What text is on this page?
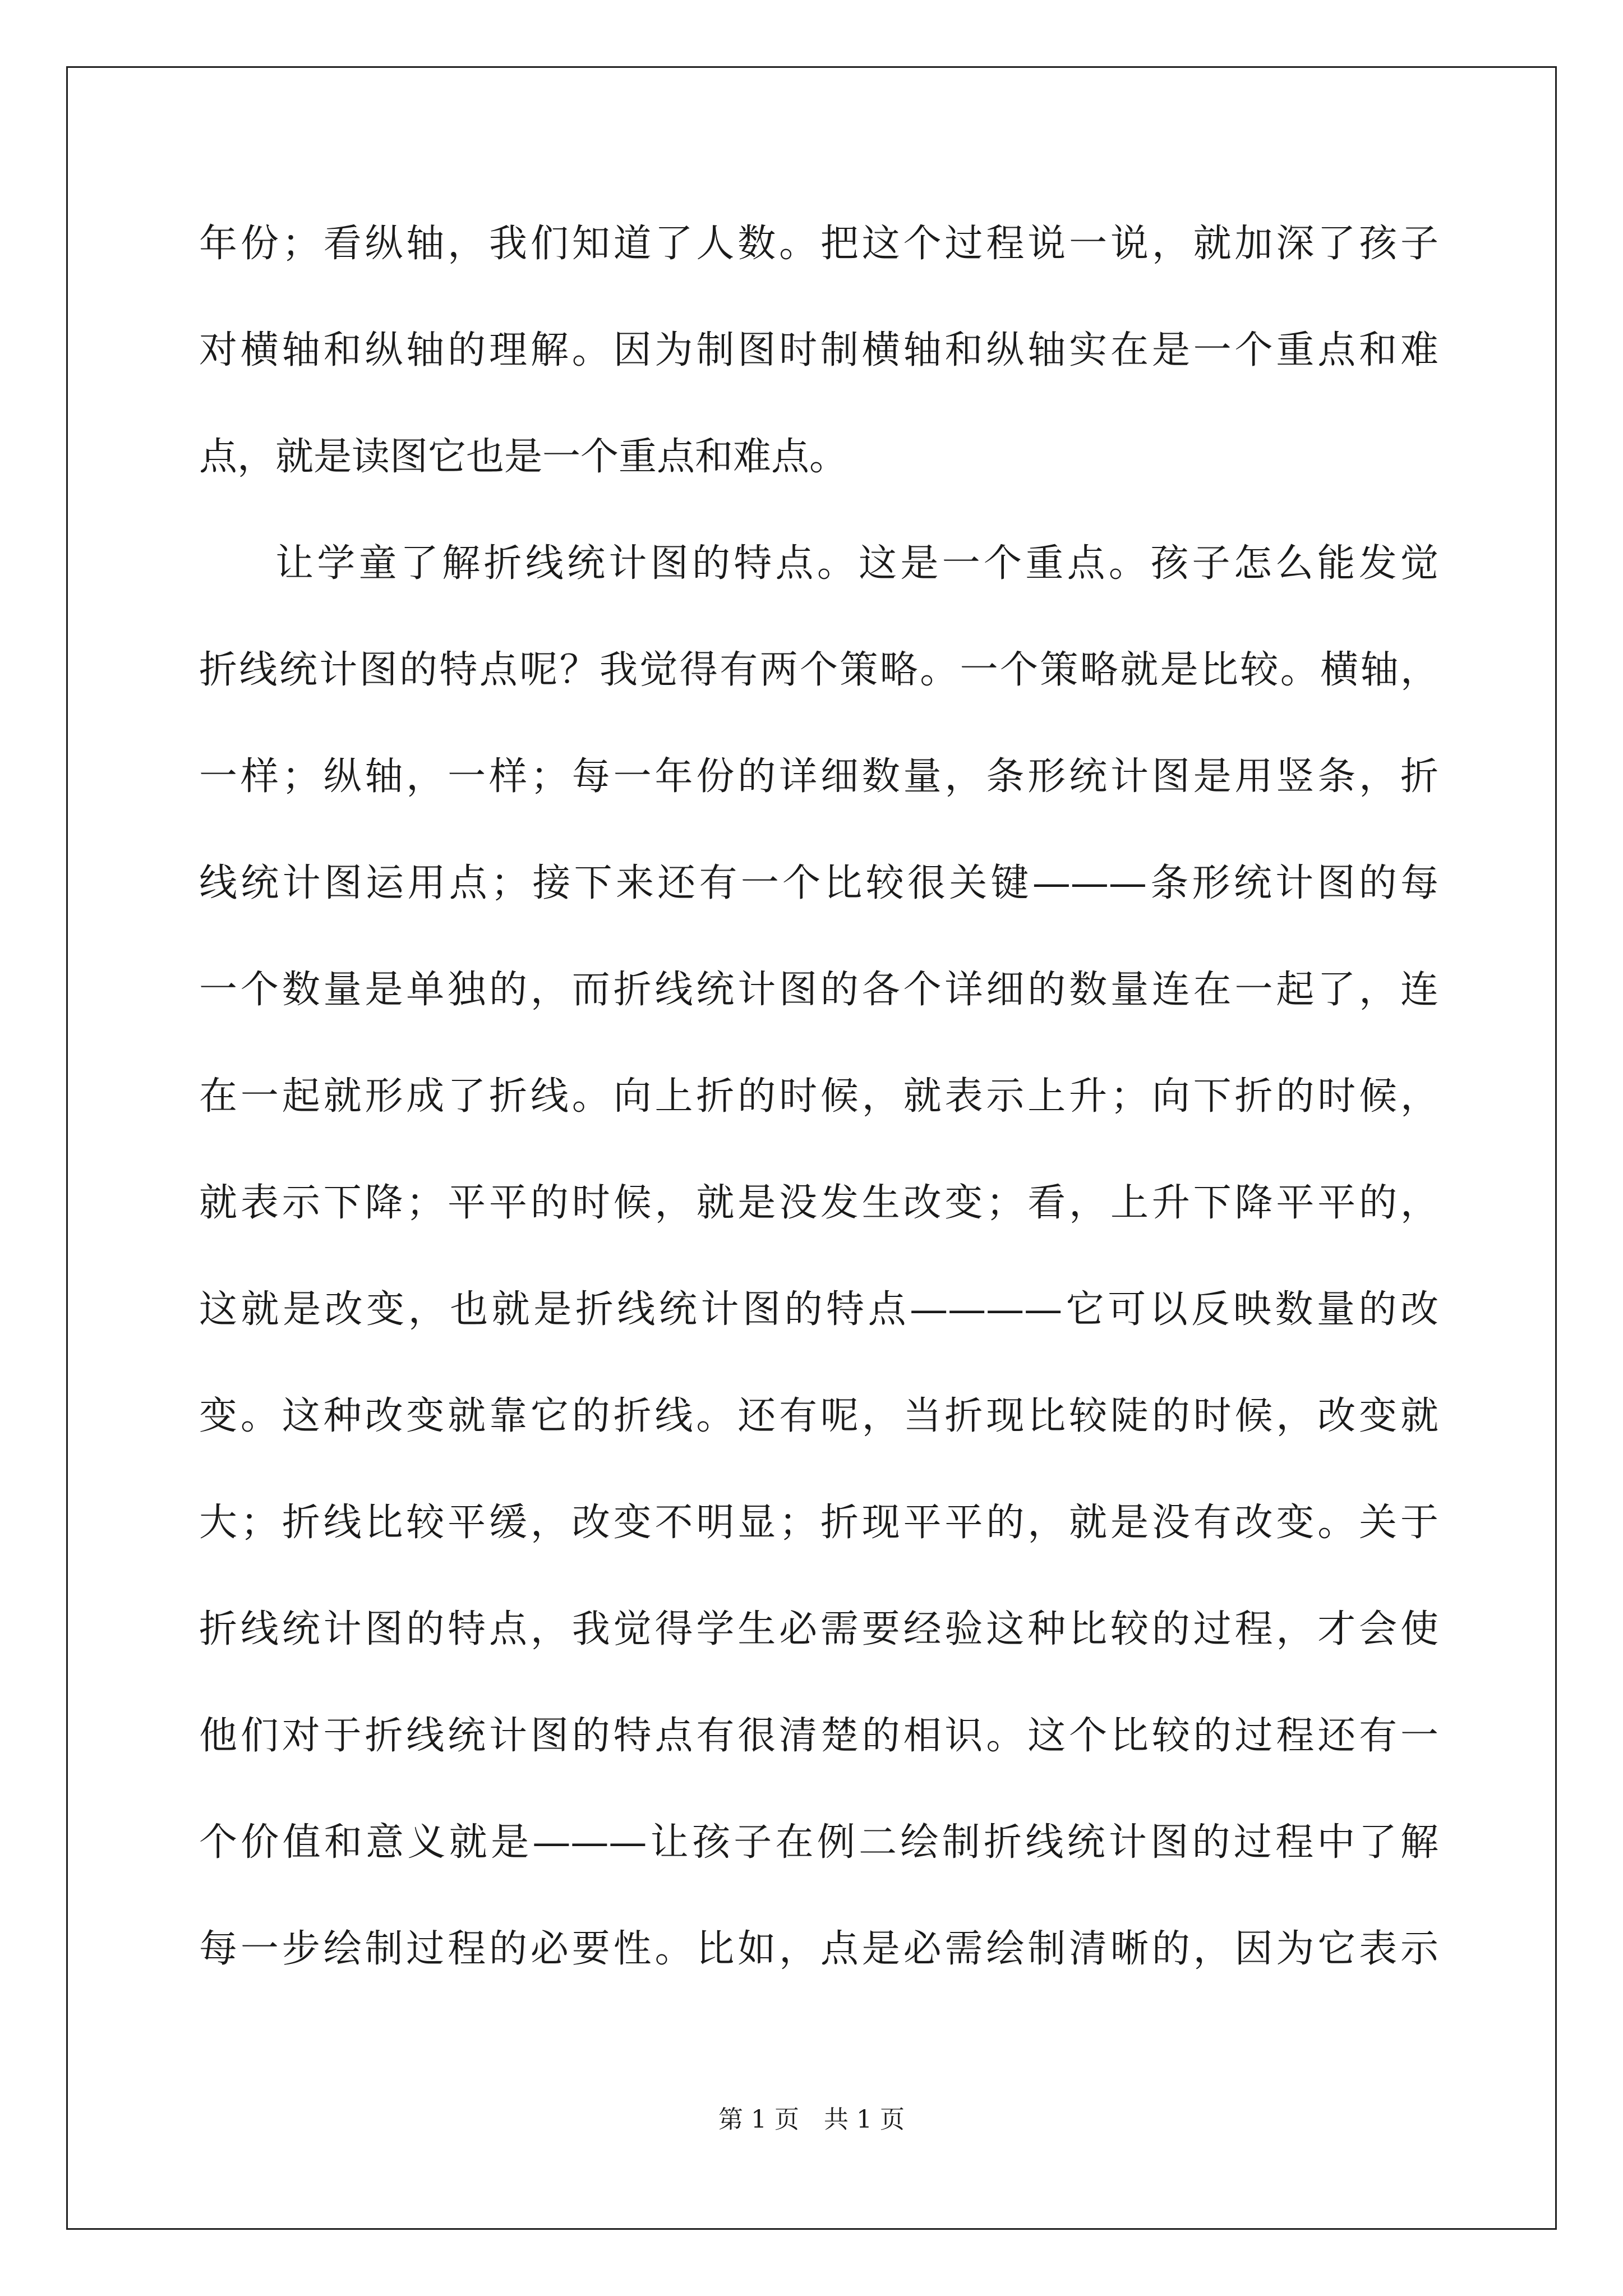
年份；看纵轴，我们知道了人数。把这个过程说一说，就加深了孩子
对横轴和纵轴的理解。因为制图时制横轴和纵轴实在是一个重点和难
点，就是读图它也是一个重点和难点。
让学童了解折线统计图的特点。这是一个重点。孩子怎么能发觉
折线统计图的特点呢？我觉得有两个策略。一个策略就是比较。横轴，
一样；纵轴，一样；每一年份的详细数量，条形统计图是用竖条，折
线统计图运用点；接下来还有一个比较很关键———条形统计图的每
一个数量是单独的，而折线统计图的各个详细的数量连在一起了，连
在一起就形成了折线。向上折的时候，就表示上升；向下折的时候，
就表示下降；平平的时候，就是没发生改变；看，上升下降平平的，
这就是改变，也就是折线统计图的特点————它可以反映数量的改
变。这种改变就靠它的折线。还有呢，当折现比较陡的时候，改变就
大；折线比较平缓，改变不明显；折现平平的，就是没有改变。关于
折线统计图的特点，我觉得学生必需要经验这种比较的过程，才会使
他们对于折线统计图的特点有很清楚的相识。这个比较的过程还有一
个价值和意义就是———让孩子在例二绘制折线统计图的过程中了解
每一步绘制过程的必要性。比如，点是必需绘制清晰的，因为它表示
第 1 页　共 1 页
